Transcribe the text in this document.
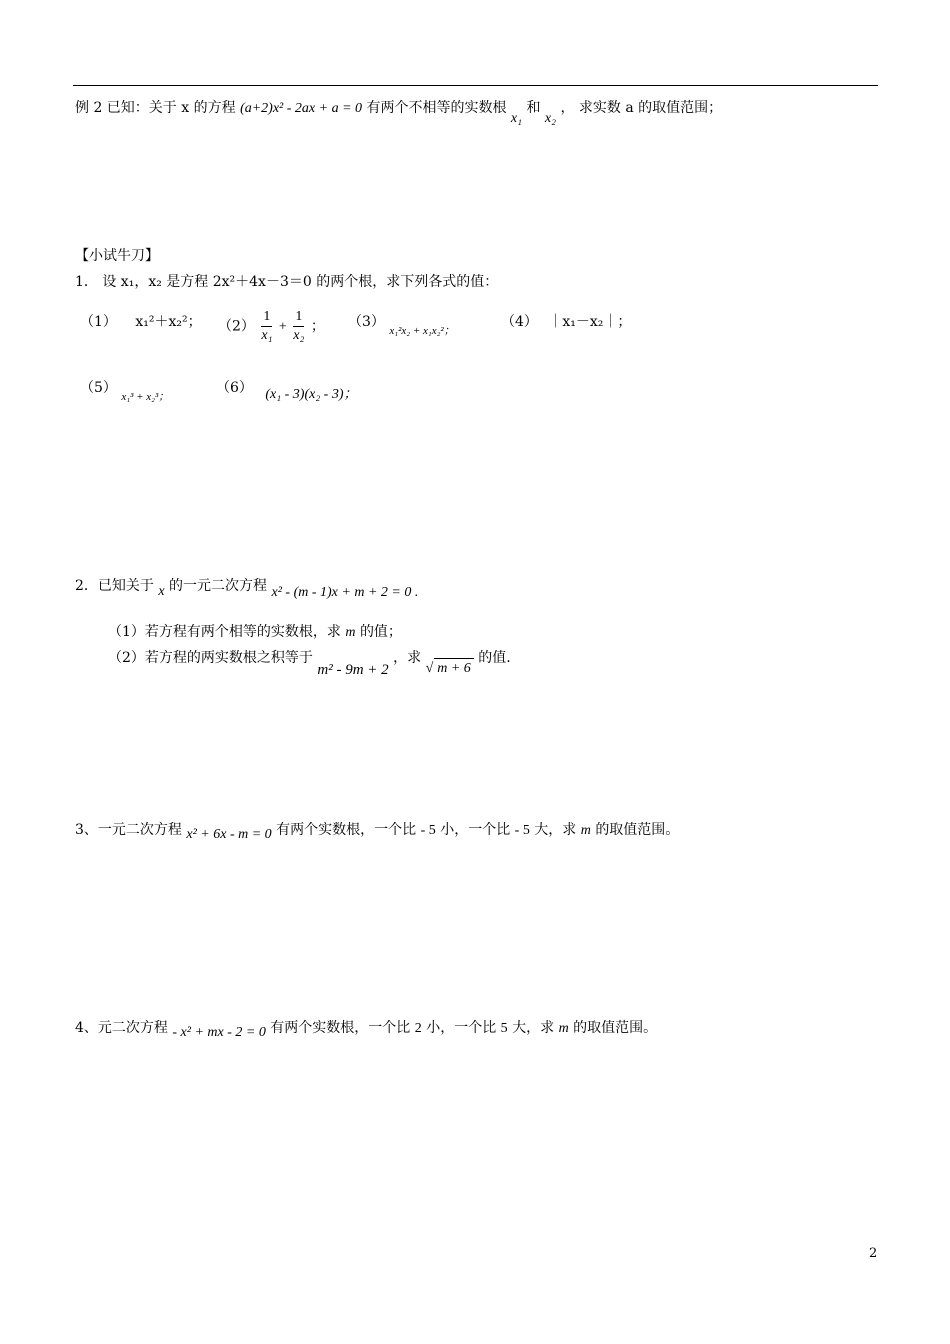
例 2 已知：关于 x 的方程 (a+2)x² - 2ax + a = 0 有两个不相等的实数根 x₁ 和 x₂ ， 求实数 a 的取值范围；
【小试牛刀】
1． 设 x₁，x₂ 是方程 2x²＋4x－3＝0 的两个根，求下列各式的值：
（1） x₁²＋x₂²； $(2) \frac{1}{\text{x₁}} + \frac{1}{\text{x₂}}$ ； （3） $_{x_1^2x_2 + x_1x_2^2;}$
（4） ｜x₁－x₂｜；
（5） $_{x_1^3 + x_2^3;}$
（6） (x₁ - 3)(x₂ - 3)；
2．已知关于 x 的一元二次方程 x² - (m - 1)x + m + 2 = 0 .
（1）若方程有两个相等的实数根，求 m 的值；
（2）若方程的两实数根之积等于 m² - 9m + 2 ，求 √ m + 6 的值.
3、一元二次方程 x² + 6x - m = 0 有两个实数根，一个比 - 5 小，一个比 - 5 大，求 m 的取值范围。
4、元二次方程 - x² + mx - 2 = 0 有两个实数根，一个比 2 小，一个比 5 大，求 m 的取值范围。
2
